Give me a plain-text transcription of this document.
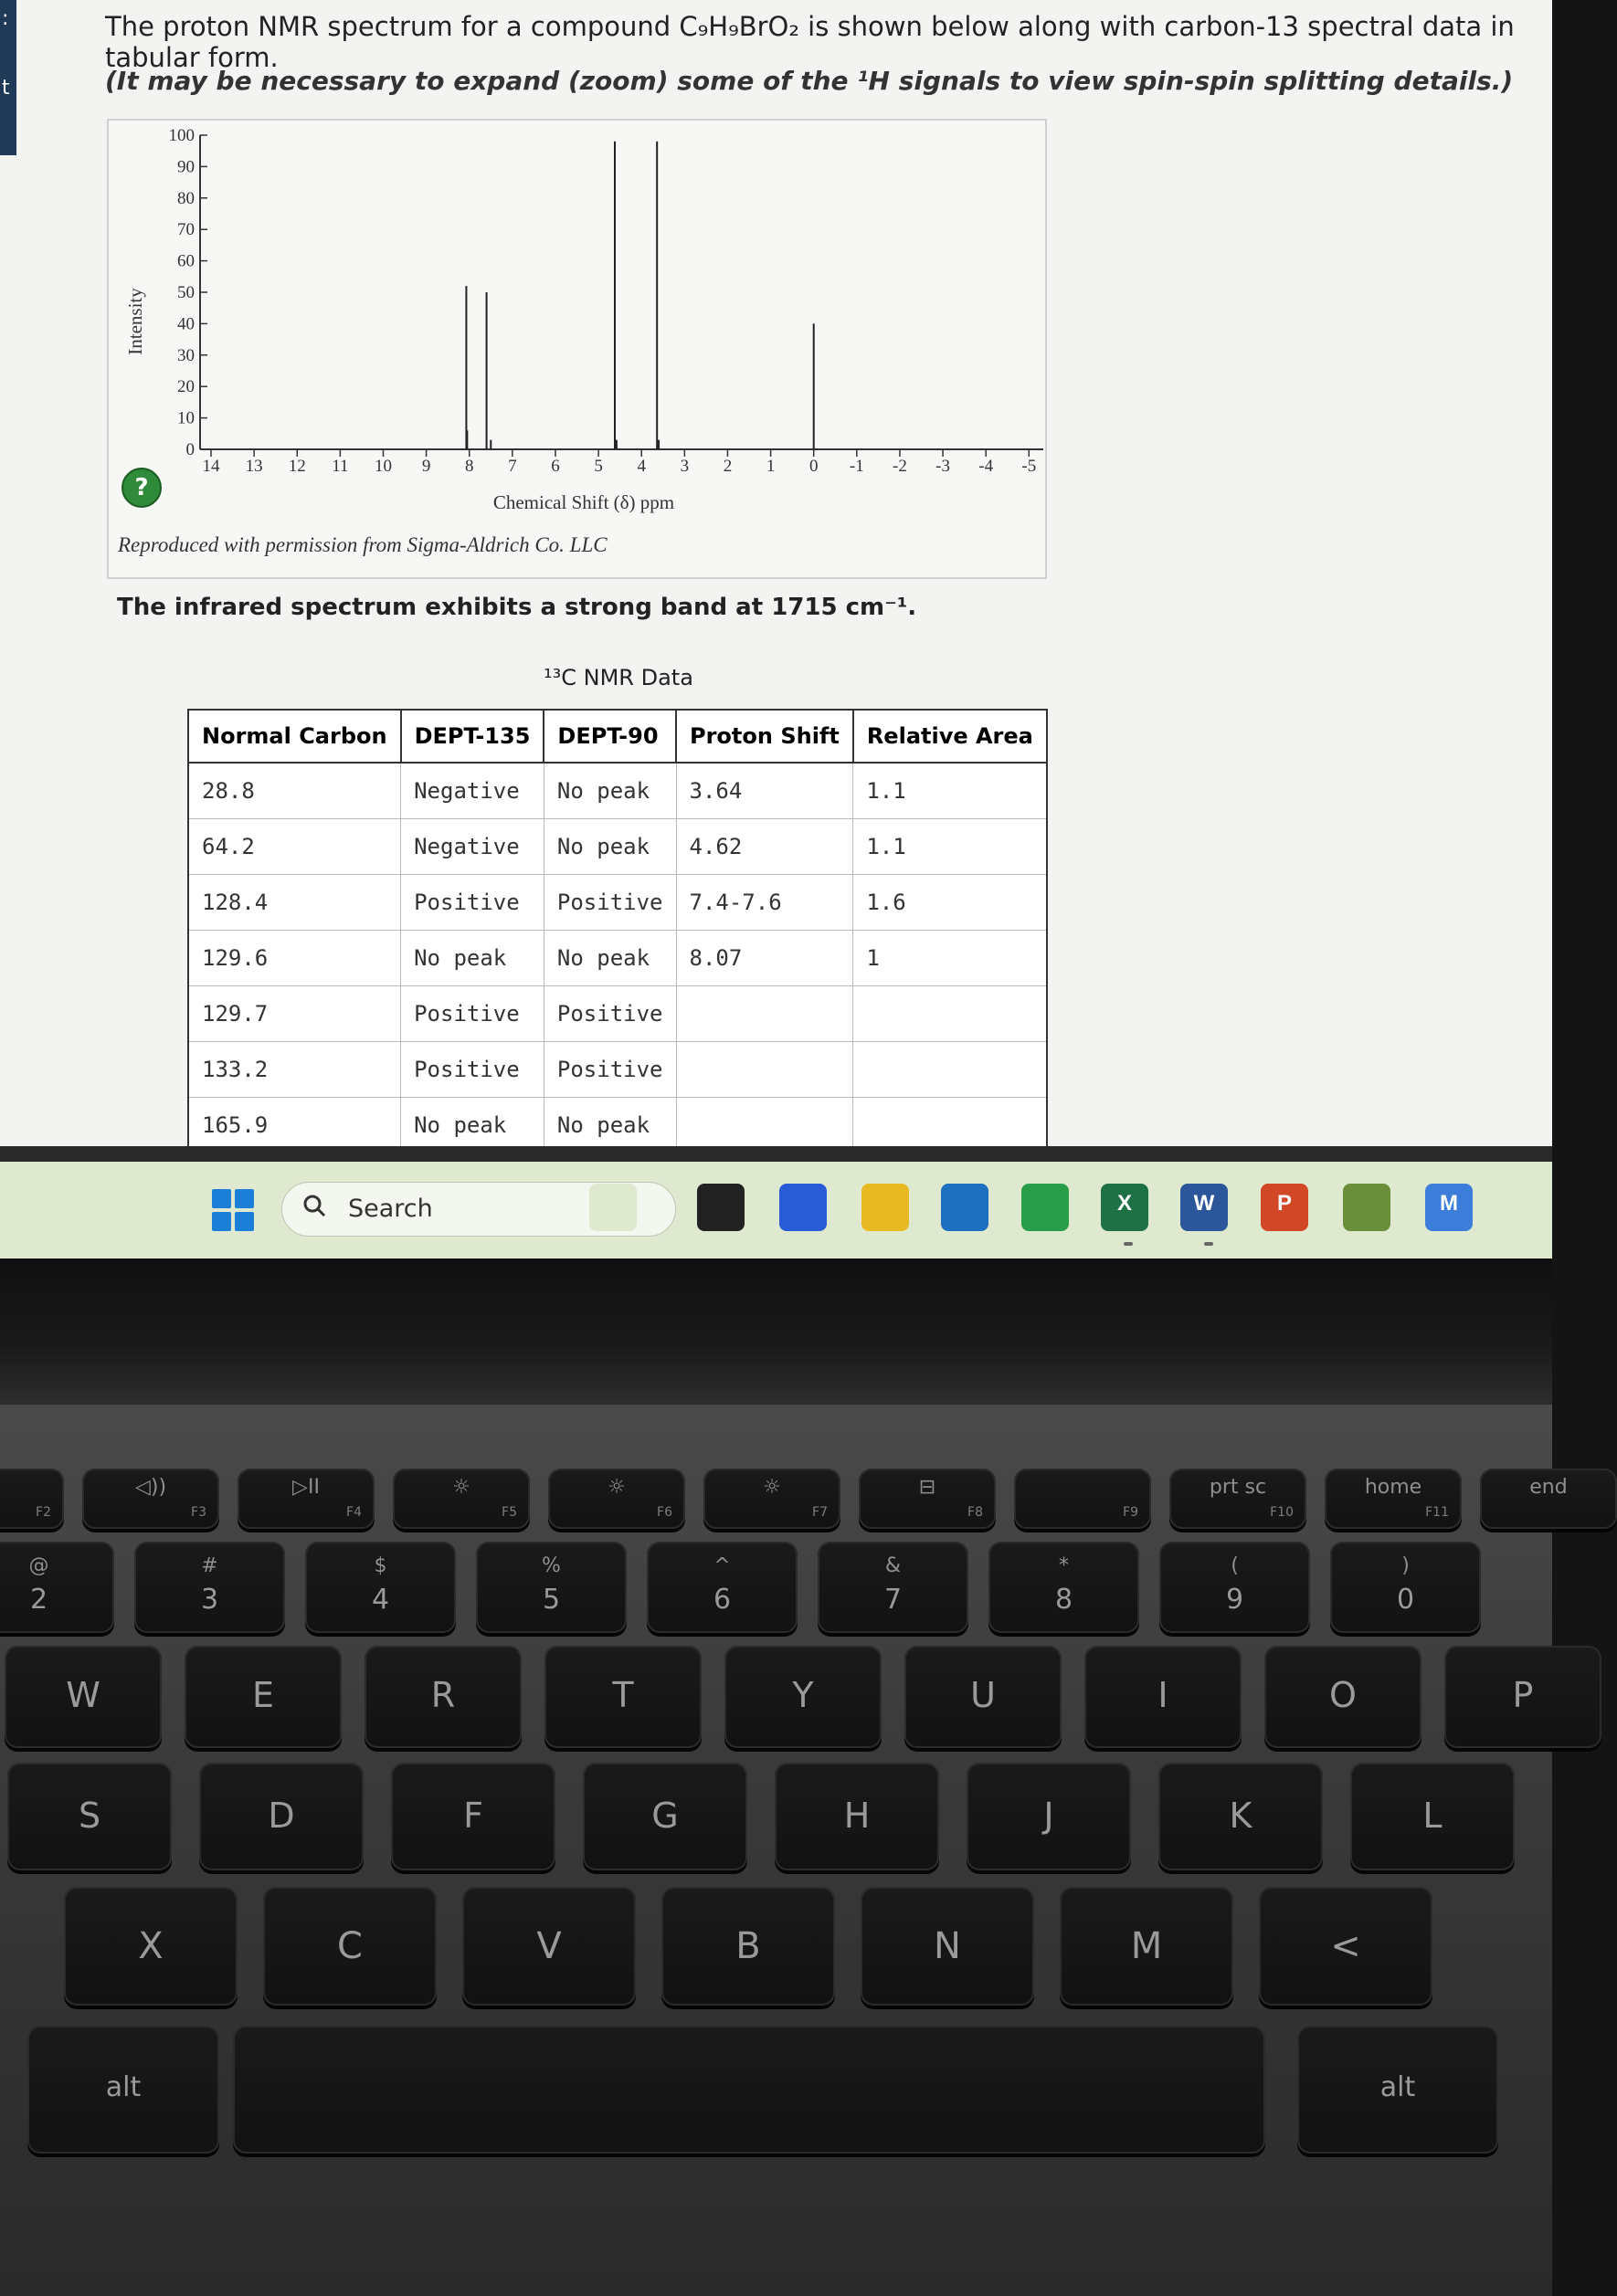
:
t
The proton NMR spectrum for a compound C₉H₉BrO₂ is shown below along with carbon-13 spectral data in tabular form.
(It may be necessary to expand (zoom) some of the ¹H signals to view spin-spin splitting details.)
0
10
20
30
40
50
60
70
80
90
100
14 13 12 11 10 9 8 7 6 5 4 3 2 1 0 -1 -2 -3 -4 -5
Intensity
Chemical Shift (δ) ppm
?
Reproduced with permission from Sigma-Aldrich Co. LLC
The infrared spectrum exhibits a strong band at 1715 cm⁻¹.
¹³C NMR Data
Normal Carbon	DEPT-135	DEPT-90	Proton Shift	Relative Area
28.8	Negative	No peak	3.64	1.1
64.2	Negative	No peak	4.62	1.1
128.4	Positive	Positive	7.4-7.6	1.6
129.6	No peak	No peak	8.07	1
129.7	Positive	Positive		
133.2	Positive	Positive		
165.9	No peak	No peak		
Search	X	W	P	M
F2
◁))
F3
▷II
F4
☼
F5
☼
F6
☼
F7
⊟
F8	F9
prt sc
F10
home
F11
end
@
2
#
3
$
4
%
5
^
6
&
7
*
8
(
9
)
0
W	E	R	T	Y	U	I	O	P
S	D	F	G	H	J	K	L
X	C	V	B	N	M	<
alt	alt
